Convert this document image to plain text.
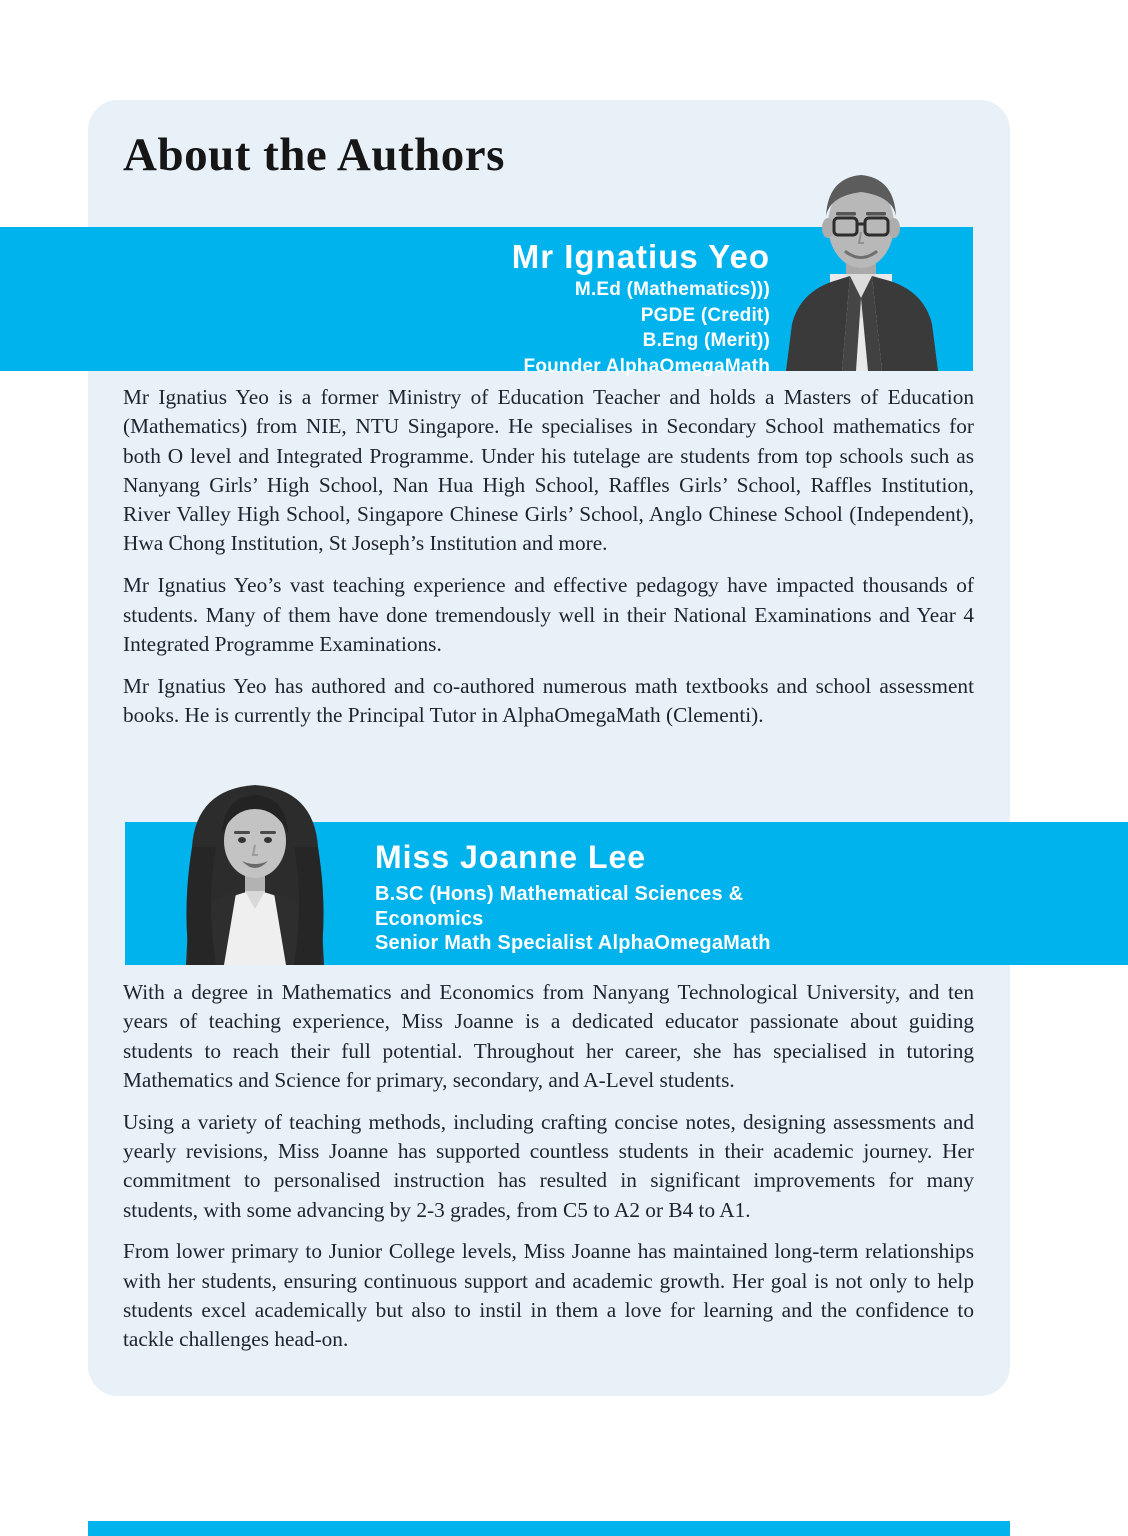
About the Authors
Mr Ignatius Yeo
M.Ed (Mathematics)))
PGDE (Credit)
B.Eng (Merit))
Founder AlphaOmegaMath

Mr Ignatius Yeo is a former Ministry of Education Teacher and holds a Masters of Education (Mathematics) from NIE, NTU Singapore. He specialises in Secondary School mathematics for both O level and Integrated Programme. Under his tutelage are students from top schools such as Nanyang Girls’ High School, Nan Hua High School, Raffles Girls’ School, Raffles Institution, River Valley High School, Singapore Chinese Girls’ School, Anglo Chinese School (Independent), Hwa Chong Institution, St Joseph’s Institution and more.

Mr Ignatius Yeo’s vast teaching experience and effective pedagogy have impacted thousands of students. Many of them have done tremendously well in their National Examinations and Year 4 Integrated Programme Examinations.

Mr Ignatius Yeo has authored and co-authored numerous math textbooks and school assessment books. He is currently the Principal Tutor in AlphaOmegaMath (Clementi).

Miss Joanne Lee
B.SC (Hons) Mathematical Sciences &
Economics
Senior Math Specialist AlphaOmegaMath

With a degree in Mathematics and Economics from Nanyang Technological University, and ten years of teaching experience, Miss Joanne is a dedicated educator passionate about guiding students to reach their full potential. Throughout her career, she has specialised in tutoring Mathematics and Science for primary, secondary, and A-Level students.

Using a variety of teaching methods, including crafting concise notes, designing assessments and yearly revisions, Miss Joanne has supported countless students in their academic journey. Her commitment to personalised instruction has resulted in significant improvements for many students, with some advancing by 2-3 grades, from C5 to A2 or B4 to A1.

From lower primary to Junior College levels, Miss Joanne has maintained long-term relationships with her students, ensuring continuous support and academic growth. Her goal is not only to help students excel academically but also to instil in them a love for learning and the confidence to tackle challenges head-on.
